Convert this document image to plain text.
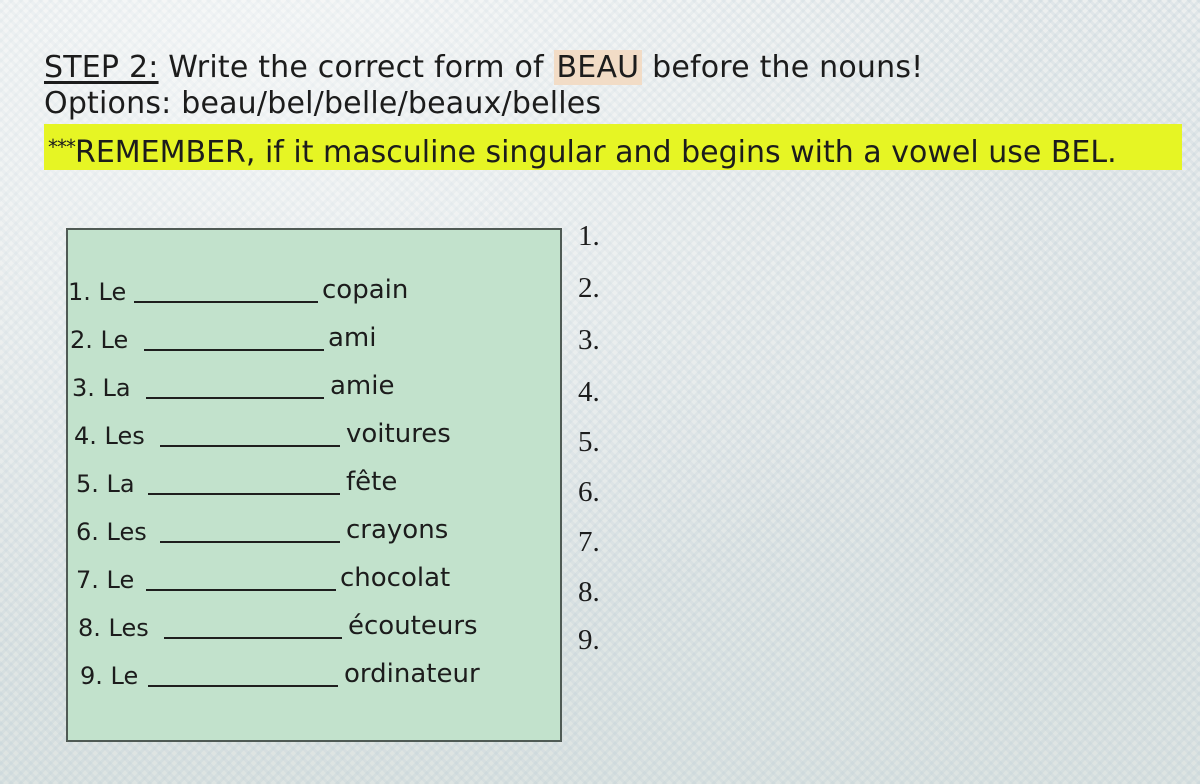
STEP 2: Write the correct form of BEAU before the nouns!
Options: beau/bel/belle/beaux/belles
***REMEMBER, if it masculine singular and begins with a vowel use BEL.
1. Le	copain
2. Le	ami
3. La	amie
4. Les	voitures
5. La	fête
6. Les	crayons
7. Le	chocolat
8. Les	écouteurs
9. Le	ordinateur
1.
2.
3.
4.
5.
6.
7.
8.
9.
